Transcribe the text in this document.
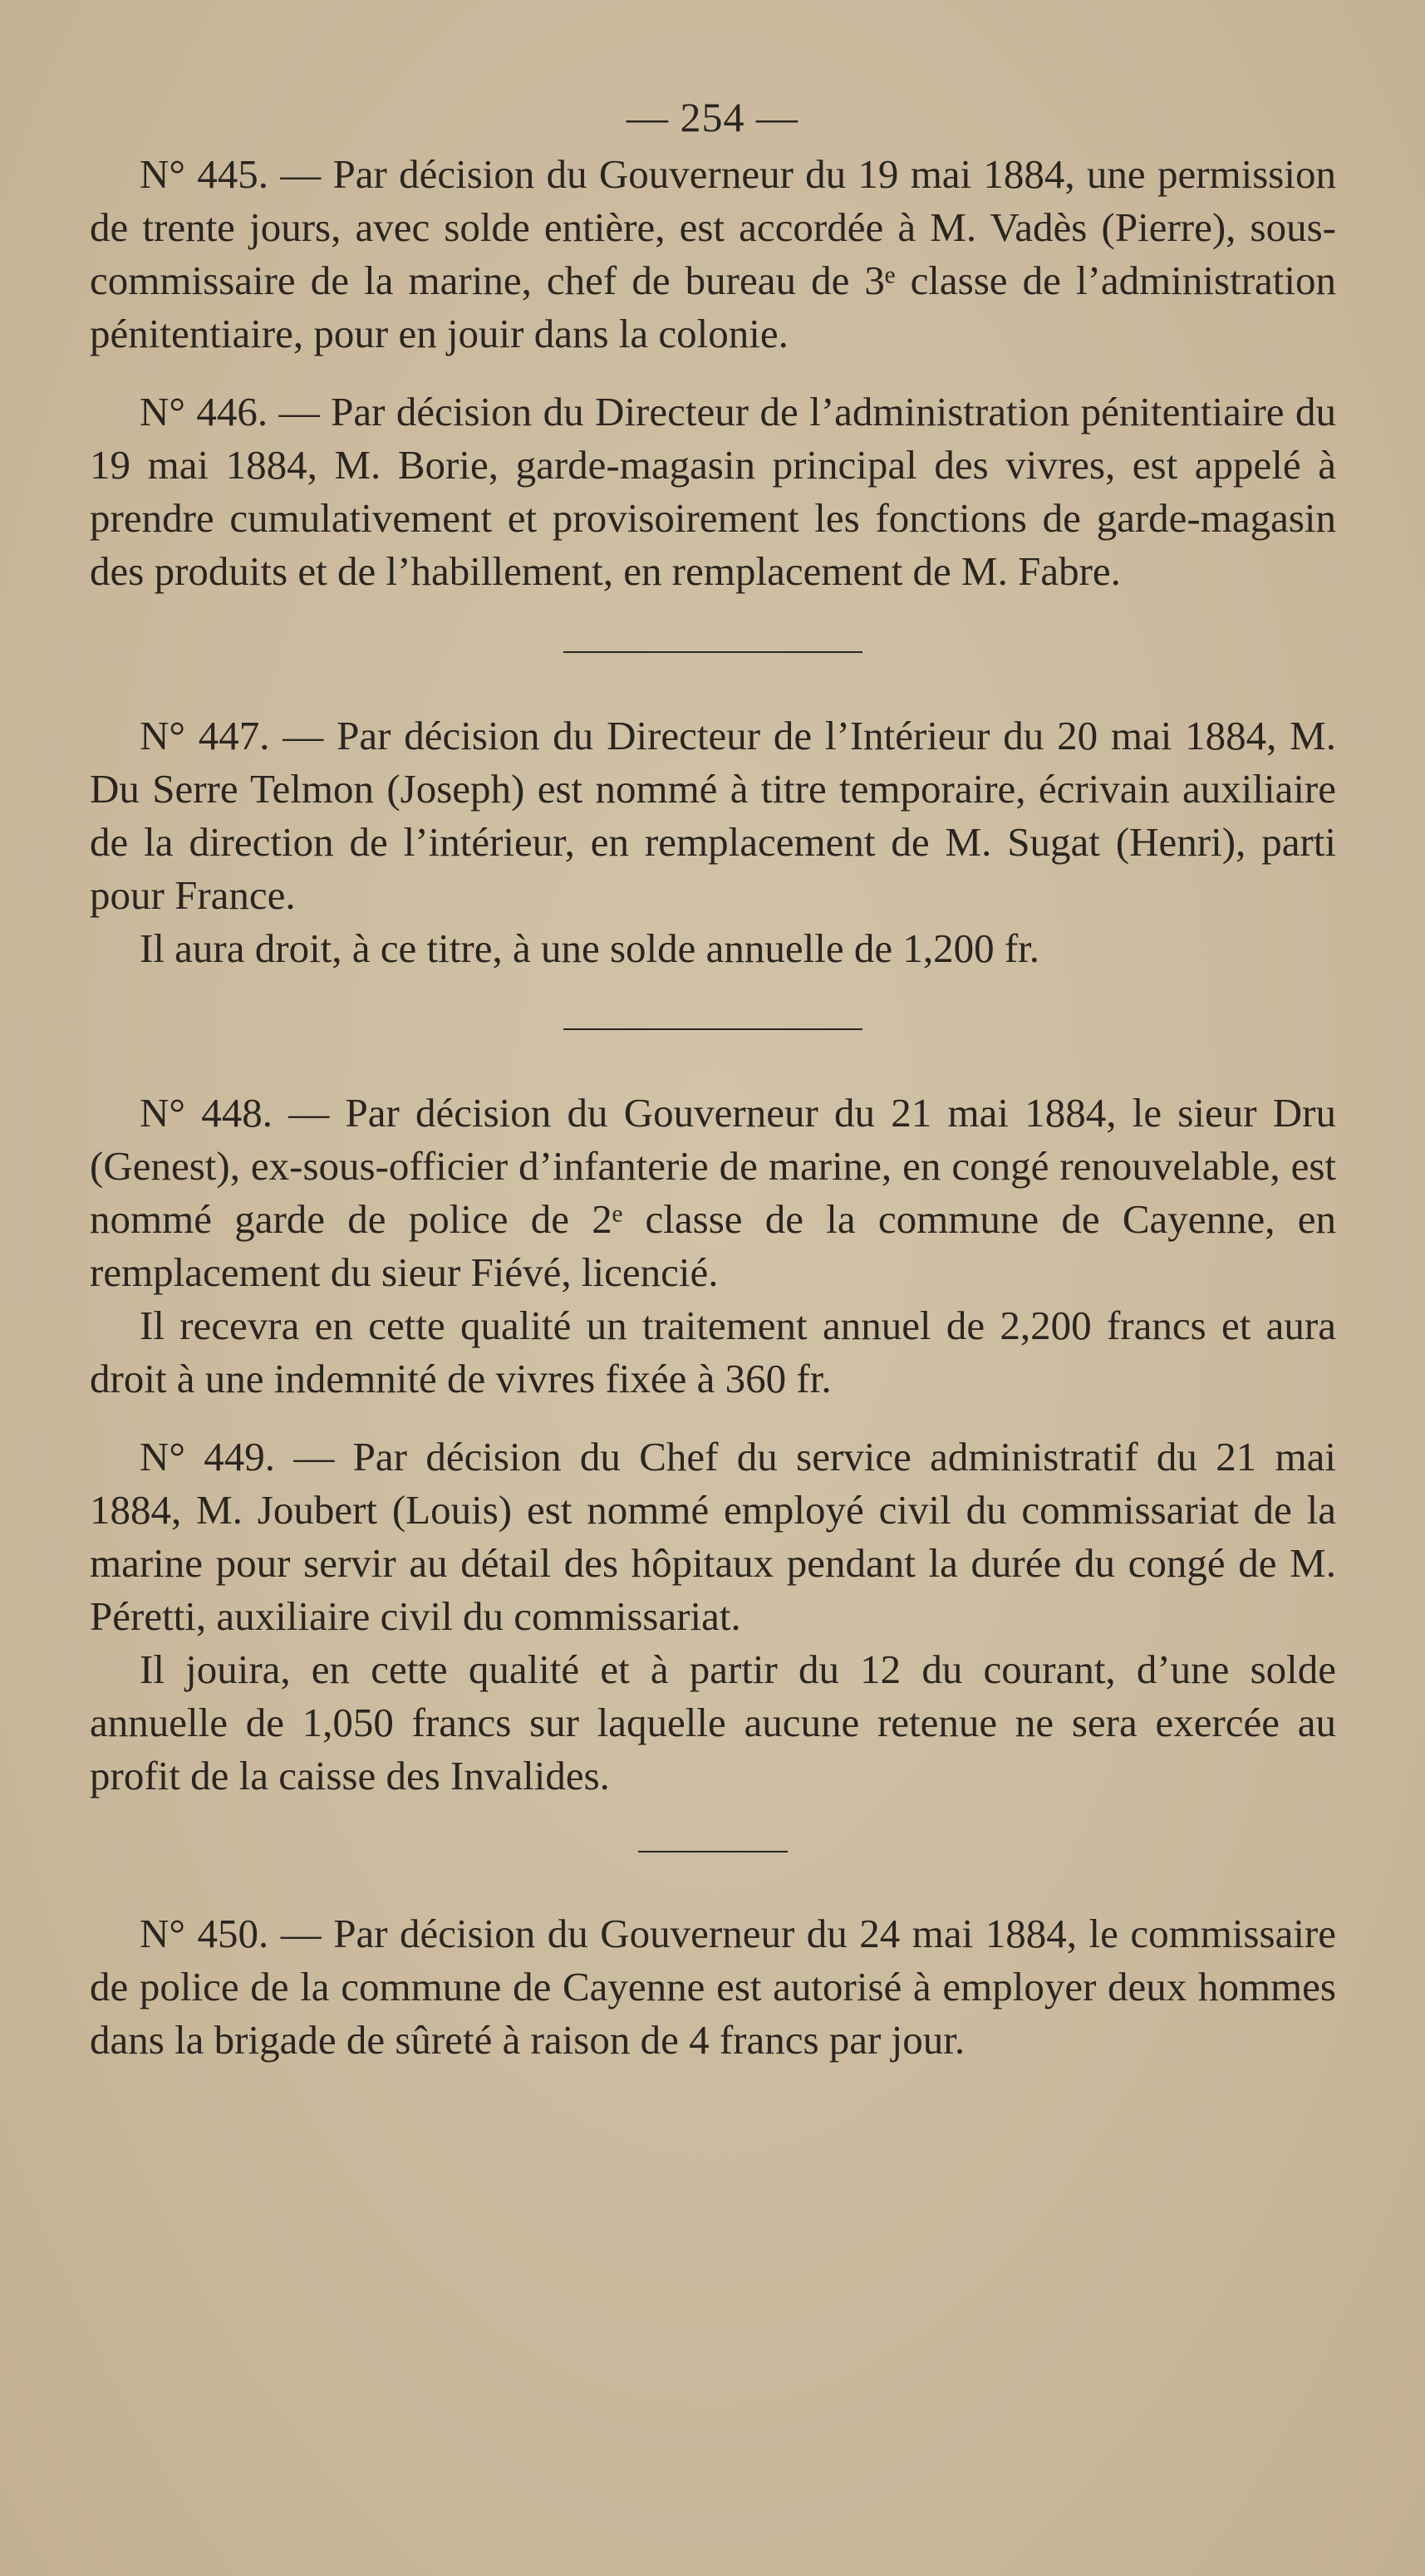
— 254 —

N° 445. — Par décision du Gouverneur du 19 mai 1884, une permission de trente jours, avec solde entière, est accordée à M. Vadès (Pierre), sous-commissaire de la marine, chef de bureau de 3ᵉ classe de l’administration pénitentiaire, pour en jouir dans la colonie.

N° 446. — Par décision du Directeur de l’administration pénitentiaire du 19 mai 1884, M. Borie, garde-magasin principal des vivres, est appelé à prendre cumulativement et provisoirement les fonctions de garde-magasin des produits et de l’habillement, en remplacement de M. Fabre.

N° 447. — Par décision du Directeur de l’Intérieur du 20 mai 1884, M. Du Serre Telmon (Joseph) est nommé à titre temporaire, écrivain auxiliaire de la direction de l’intérieur, en remplacement de M. Sugat (Henri), parti pour France.

Il aura droit, à ce titre, à une solde annuelle de 1,200 fr.

N° 448. — Par décision du Gouverneur du 21 mai 1884, le sieur Dru (Genest), ex-sous-officier d’infanterie de marine, en congé renouvelable, est nommé garde de police de 2ᵉ classe de la commune de Cayenne, en remplacement du sieur Fiévé, licencié.

Il recevra en cette qualité un traitement annuel de 2,200 francs et aura droit à une indemnité de vivres fixée à 360 fr.

N° 449. — Par décision du Chef du service administratif du 21 mai 1884, M. Joubert (Louis) est nommé employé civil du commissariat de la marine pour servir au détail des hôpitaux pendant la durée du congé de M. Péretti, auxiliaire civil du commissariat.

Il jouira, en cette qualité et à partir du 12 du courant, d’une solde annuelle de 1,050 francs sur laquelle aucune retenue ne sera exercée au profit de la caisse des Invalides.

N° 450. — Par décision du Gouverneur du 24 mai 1884, le commissaire de police de la commune de Cayenne est autorisé à employer deux hommes dans la brigade de sûreté à raison de 4 francs par jour.
